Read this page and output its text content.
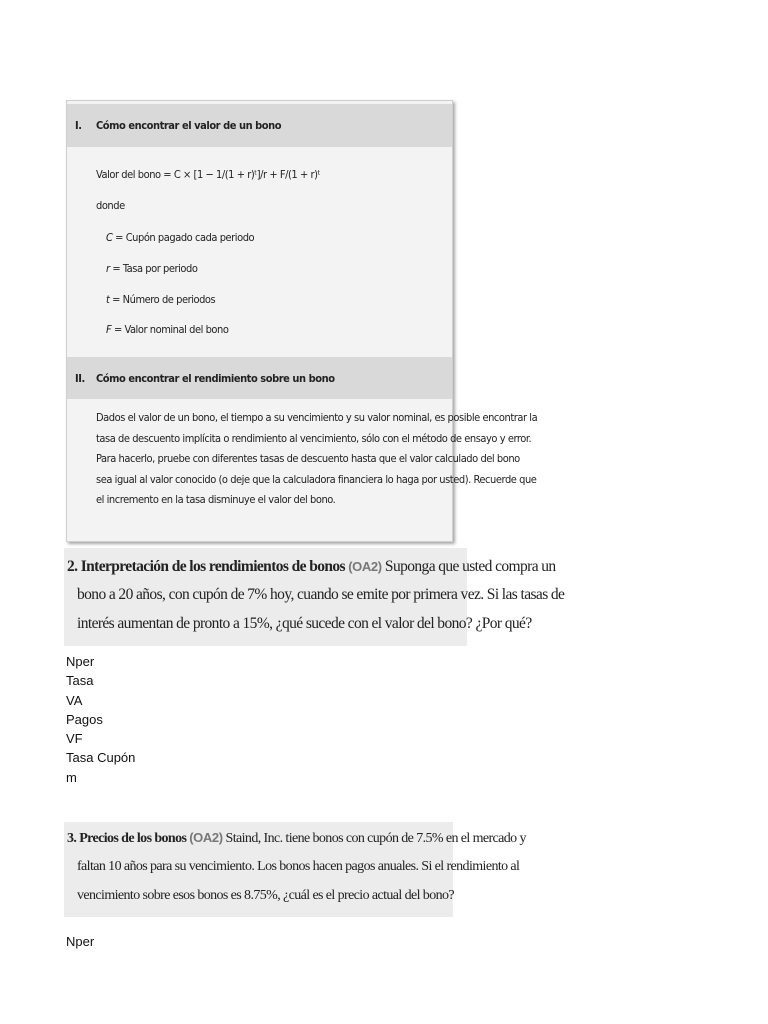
I. Cómo encontrar el valor de un bono
Valor del bono = C × [1 − 1/(1 + r)ᵗ]/r + F/(1 + r)ᵗ
donde
C = Cupón pagado cada periodo
r = Tasa por periodo
t = Número de periodos
F = Valor nominal del bono
II. Cómo encontrar el rendimiento sobre un bono
Dados el valor de un bono, el tiempo a su vencimiento y su valor nominal, es posible encontrar la
tasa de descuento implícita o rendimiento al vencimiento, sólo con el método de ensayo y error.
Para hacerlo, pruebe con diferentes tasas de descuento hasta que el valor calculado del bono
sea igual al valor conocido (o deje que la calculadora financiera lo haga por usted). Recuerde que
el incremento en la tasa disminuye el valor del bono.
2. Interpretación de los rendimientos de bonos (OA2) Suponga que usted compra un
bono a 20 años, con cupón de 7% hoy, cuando se emite por primera vez. Si las tasas de
interés aumentan de pronto a 15%, ¿qué sucede con el valor del bono? ¿Por qué?
Nper
Tasa
VA
Pagos
VF
Tasa Cupón
m
3. Precios de los bonos (OA2) Staind, Inc. tiene bonos con cupón de 7.5% en el mercado y
faltan 10 años para su vencimiento. Los bonos hacen pagos anuales. Si el rendimiento al
vencimiento sobre esos bonos es 8.75%, ¿cuál es el precio actual del bono?
Nper
